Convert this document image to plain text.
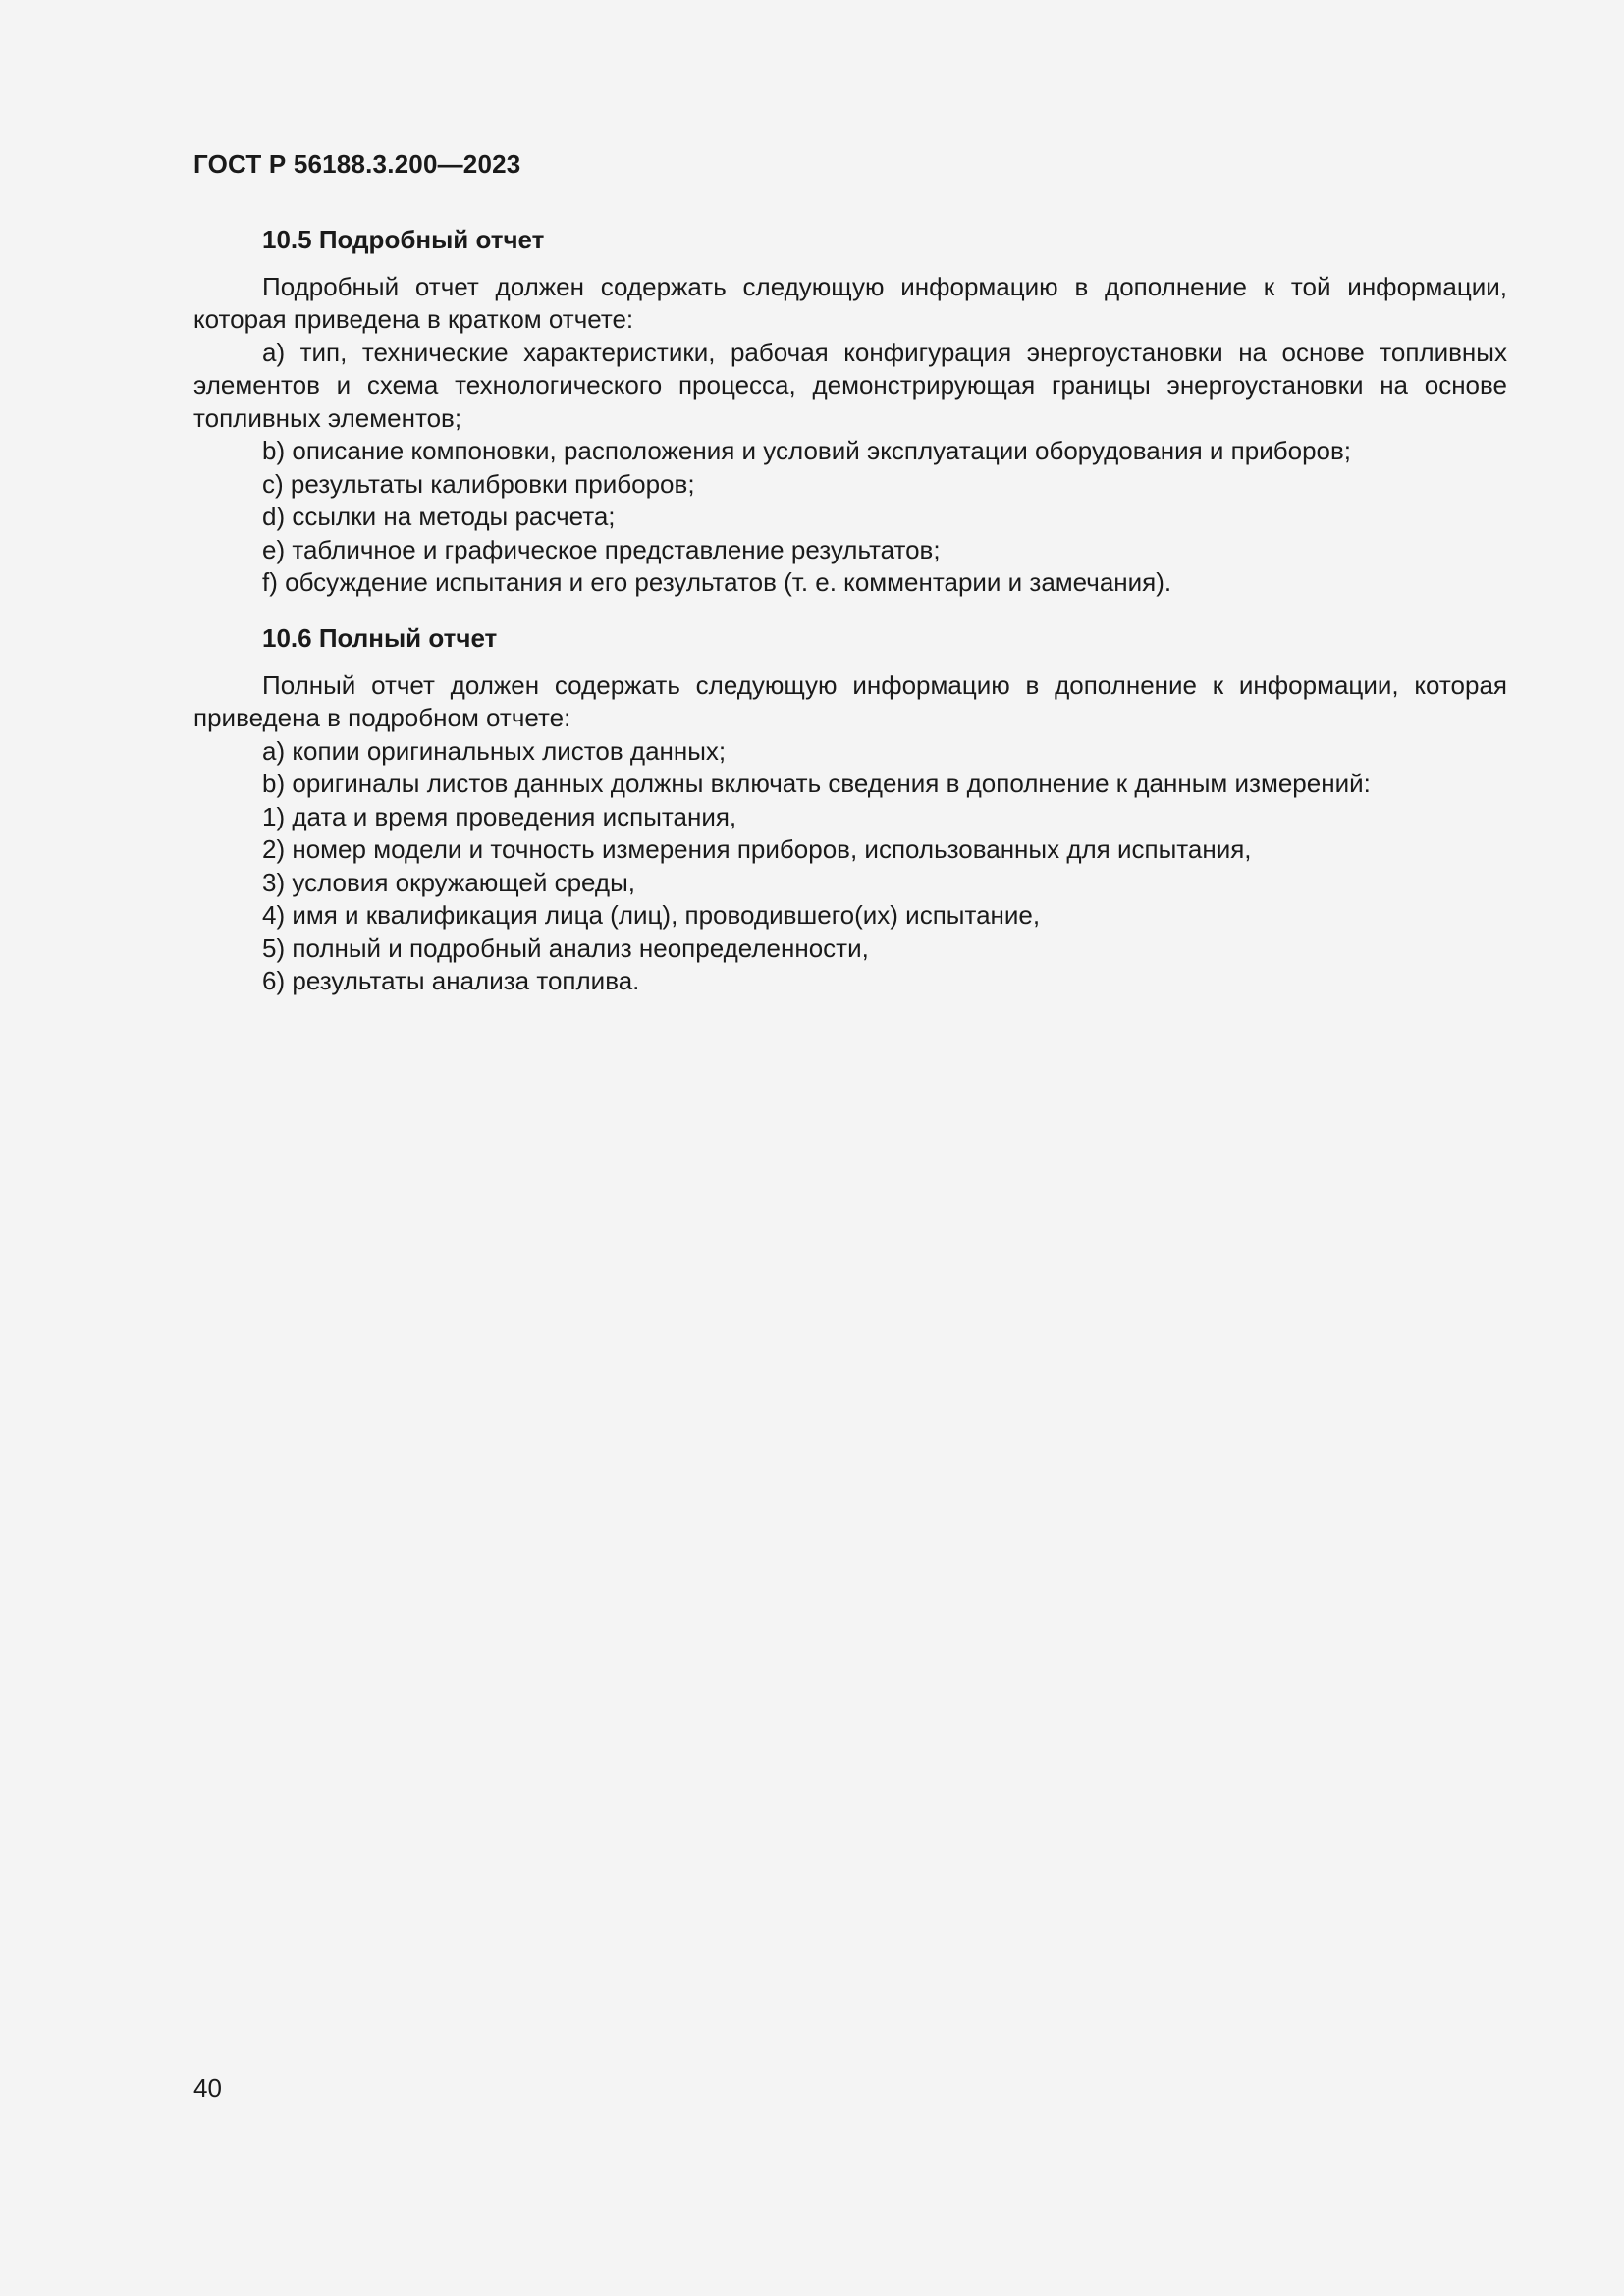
ГОСТ Р 56188.3.200—2023

10.5 Подробный отчет

Подробный отчет должен содержать следующую информацию в дополнение к той информации, которая приведена в кратком отчете:

a) тип, технические характеристики, рабочая конфигурация энергоустановки на основе топливных элементов и схема технологического процесса, демонстрирующая границы энергоустановки на основе топливных элементов;

b) описание компоновки, расположения и условий эксплуатации оборудования и приборов;

c) результаты калибровки приборов;

d) ссылки на методы расчета;

e) табличное и графическое представление результатов;

f) обсуждение испытания и его результатов (т. е. комментарии и замечания).

10.6 Полный отчет

Полный отчет должен содержать следующую информацию в дополнение к информации, которая приведена в подробном отчете:

a) копии оригинальных листов данных;

b) оригиналы листов данных должны включать сведения в дополнение к данным измерений:

1) дата и время проведения испытания,

2) номер модели и точность измерения приборов, использованных для испытания,

3) условия окружающей среды,

4) имя и квалификация лица (лиц), проводившего(их) испытание,

5) полный и подробный анализ неопределенности,

6) результаты анализа топлива.

40
